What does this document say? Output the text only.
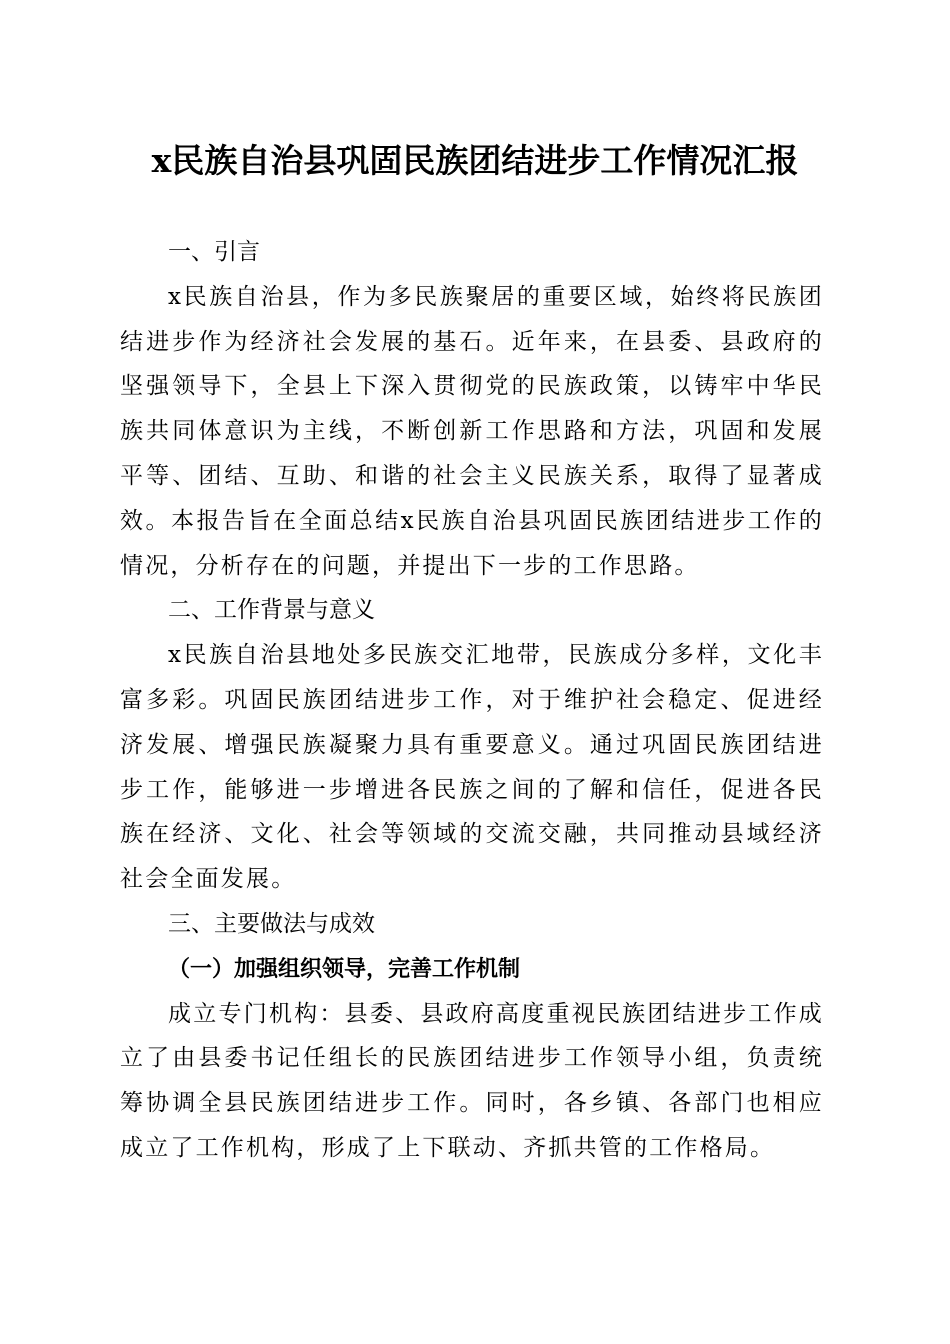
x民族自治县巩固民族团结进步工作情况汇报
一、引言

x民族自治县，作为多民族聚居的重要区域，始终将民族团结进步作为经济社会发展的基石。近年来，在县委、县政府的坚强领导下，全县上下深入贯彻党的民族政策，以铸牢中华民族共同体意识为主线，不断创新工作思路和方法，巩固和发展平等、团结、互助、和谐的社会主义民族关系，取得了显著成效。本报告旨在全面总结x民族自治县巩固民族团结进步工作的情况，分析存在的问题，并提出下一步的工作思路。

二、工作背景与意义

x民族自治县地处多民族交汇地带，民族成分多样，文化丰富多彩。巩固民族团结进步工作，对于维护社会稳定、促进经济发展、增强民族凝聚力具有重要意义。通过巩固民族团结进步工作，能够进一步增进各民族之间的了解和信任，促进各民族在经济、文化、社会等领域的交流交融，共同推动县域经济社会全面发展。

三、主要做法与成效
（一）加强组织领导，完善工作机制

成立专门机构：县委、县政府高度重视民族团结进步工作成立了由县委书记任组长的民族团结进步工作领导小组，负责统筹协调全县民族团结进步工作。同时，各乡镇、各部门也相应成立了工作机构，形成了上下联动、齐抓共管的工作格局。
